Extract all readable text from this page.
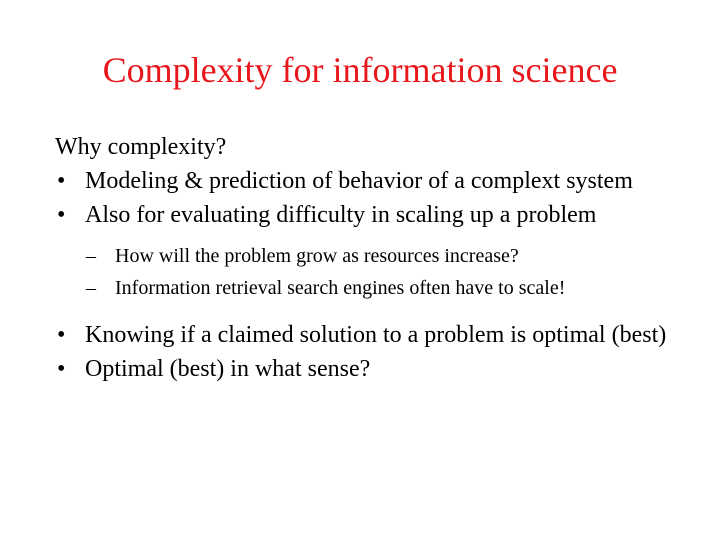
Complexity for information science

Why complexity?

• Modeling & prediction of behavior of a complext system
• Also for evaluating difficulty in scaling up a problem
– How will the problem grow as resources increase?
– Information retrieval search engines often have to scale!
• Knowing if a claimed solution to a problem is optimal (best)
• Optimal (best) in what sense?
